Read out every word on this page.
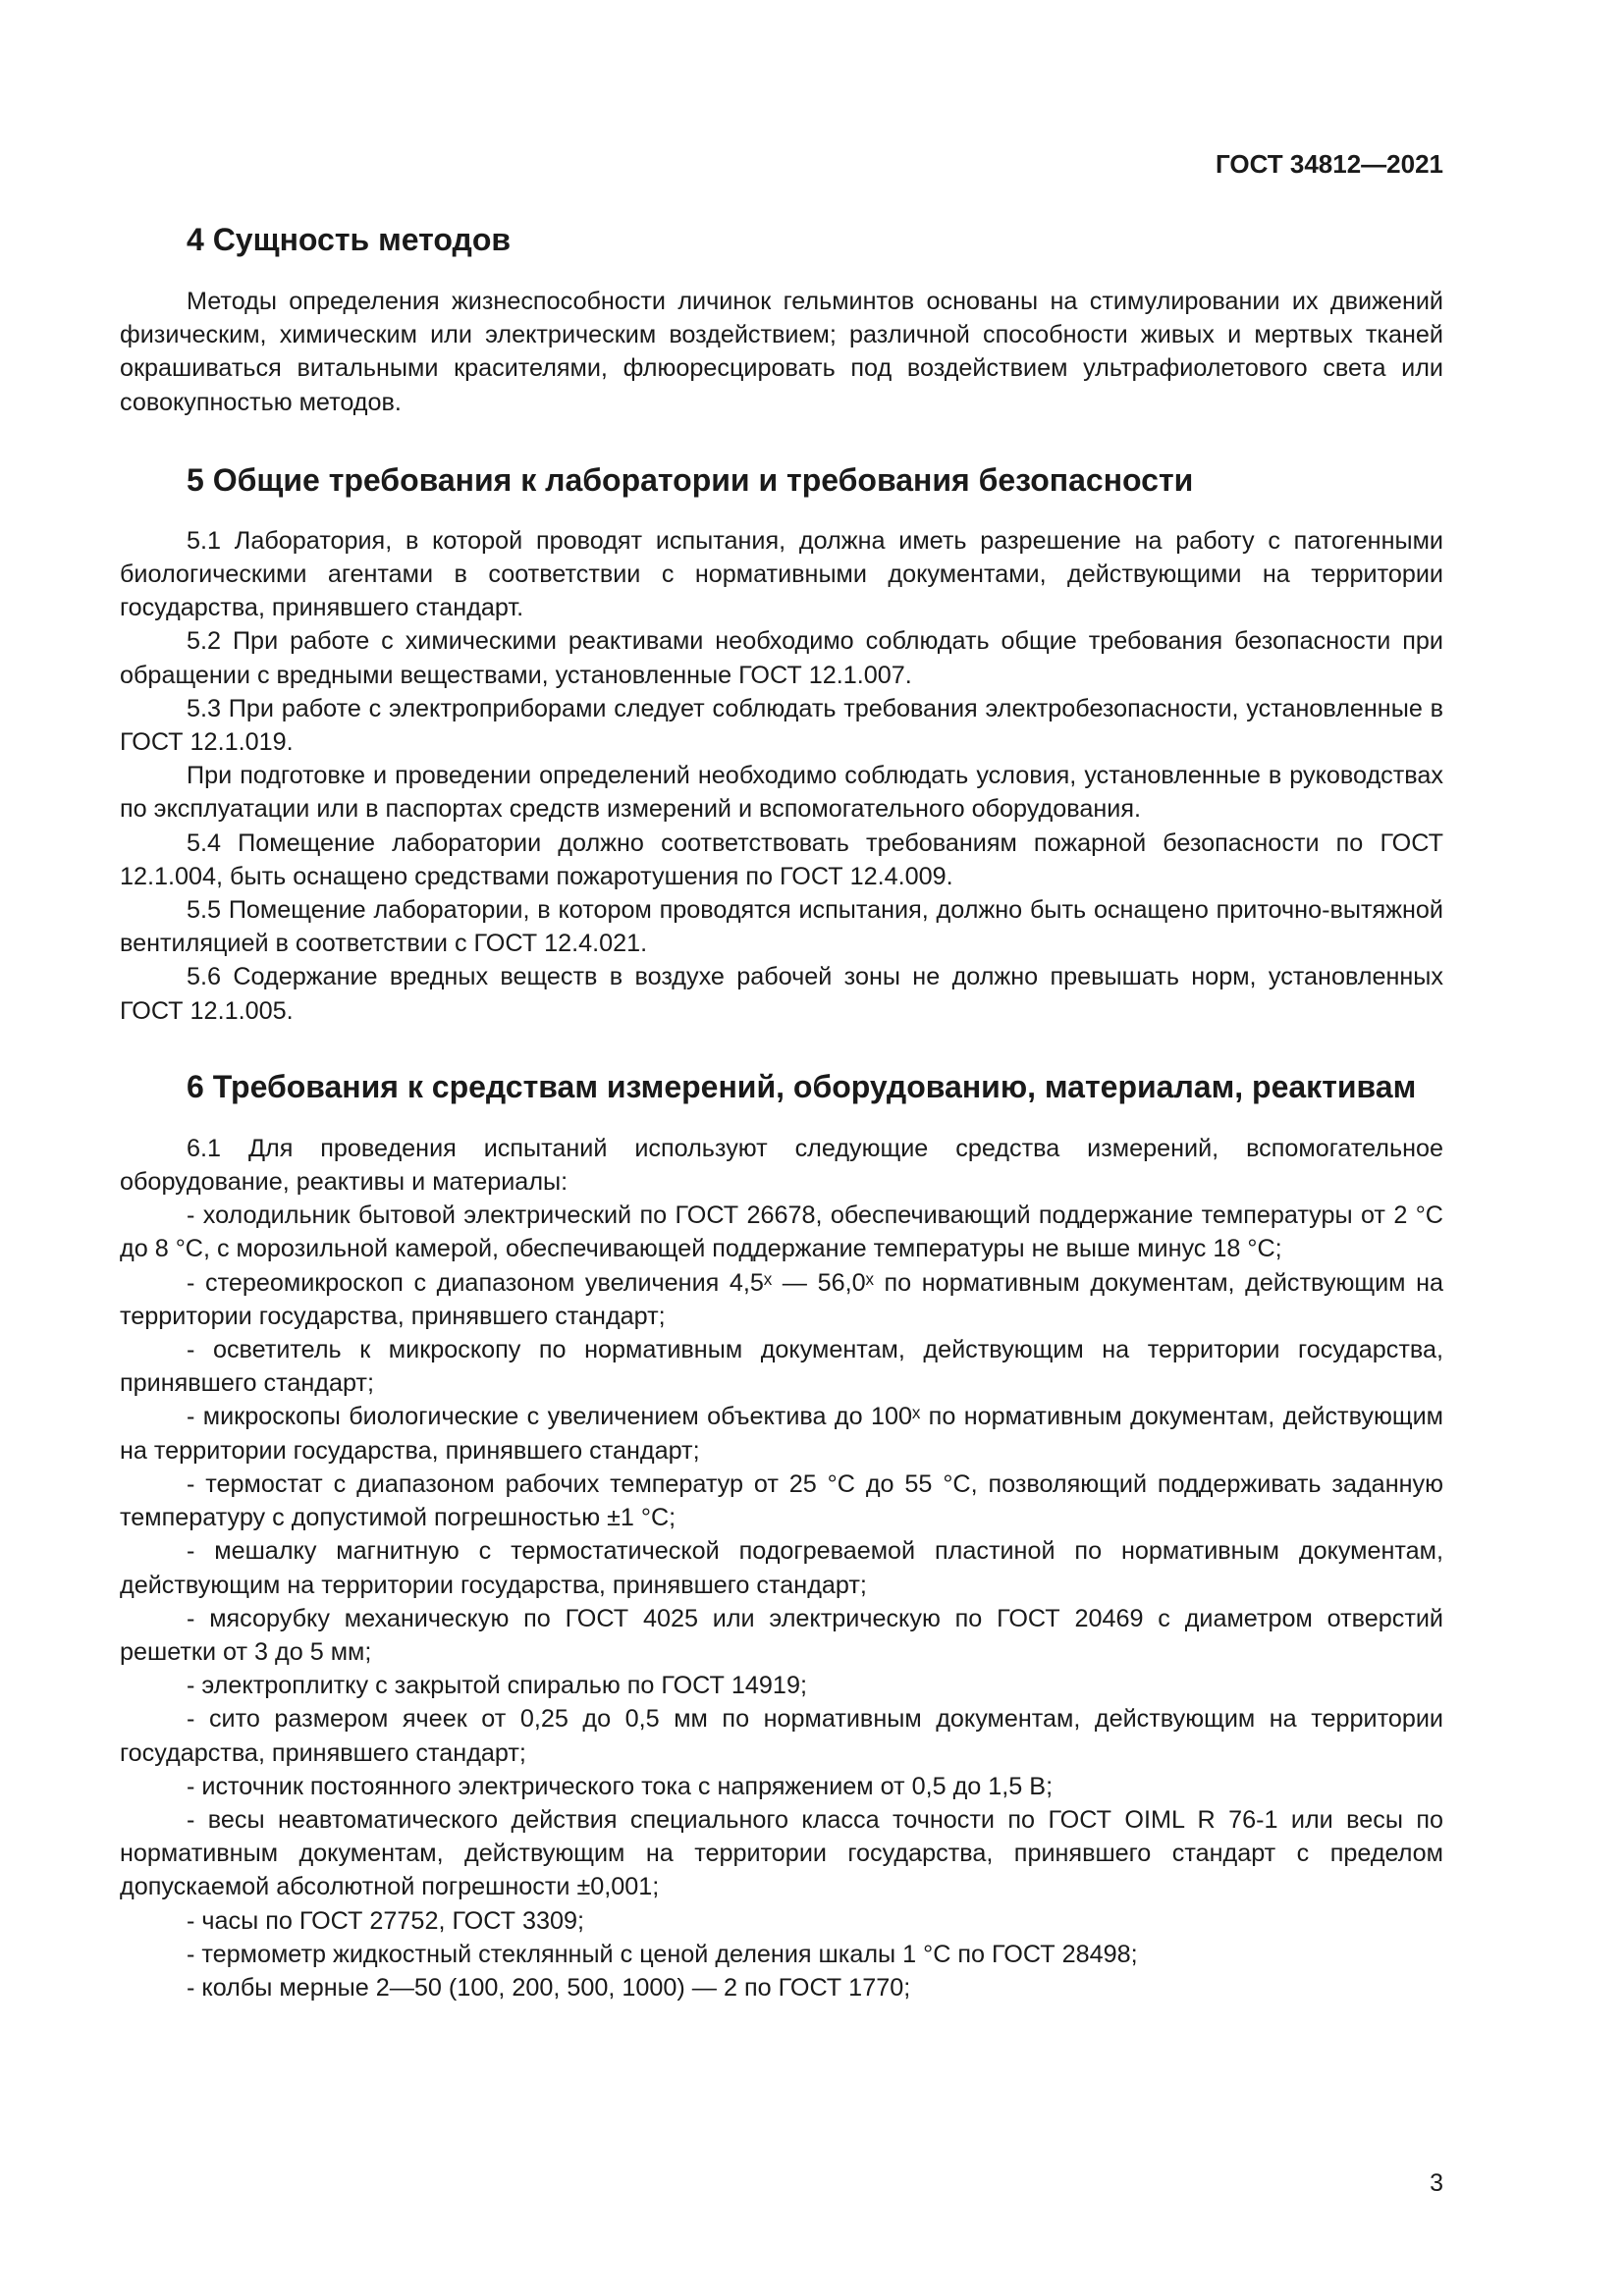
ГОСТ 34812—2021

4 Сущность методов

Методы определения жизнеспособности личинок гельминтов основаны на стимулировании их движений физическим, химическим или электрическим воздействием; различной способности живых и мертвых тканей окрашиваться витальными красителями, флюоресцировать под воздействием ультрафиолетового света или совокупностью методов.

5 Общие требования к лаборатории и требования безопасности

5.1 Лаборатория, в которой проводят испытания, должна иметь разрешение на работу с патогенными биологическими агентами в соответствии с нормативными документами, действующими на территории государства, принявшего стандарт.

5.2 При работе с химическими реактивами необходимо соблюдать общие требования безопасности при обращении с вредными веществами, установленные ГОСТ 12.1.007.

5.3 При работе с электроприборами следует соблюдать требования электробезопасности, установленные в ГОСТ 12.1.019.

При подготовке и проведении определений необходимо соблюдать условия, установленные в руководствах по эксплуатации или в паспортах средств измерений и вспомогательного оборудования.

5.4 Помещение лаборатории должно соответствовать требованиям пожарной безопасности по ГОСТ 12.1.004, быть оснащено средствами пожаротушения по ГОСТ 12.4.009.

5.5 Помещение лаборатории, в котором проводятся испытания, должно быть оснащено приточно-вытяжной вентиляцией в соответствии с ГОСТ 12.4.021.

5.6 Содержание вредных веществ в воздухе рабочей зоны не должно превышать норм, установленных ГОСТ 12.1.005.

6 Требования к средствам измерений, оборудованию, материалам, реактивам

6.1 Для проведения испытаний используют следующие средства измерений, вспомогательное оборудование, реактивы и материалы:

- холодильник бытовой электрический по ГОСТ 26678, обеспечивающий поддержание температуры от 2 °С до 8 °С, с морозильной камерой, обеспечивающей поддержание температуры не выше минус 18 °С;

- стереомикроскоп с диапазоном увеличения 4,5ˣ — 56,0ˣ по нормативным документам, действующим на территории государства, принявшего стандарт;

- осветитель к микроскопу по нормативным документам, действующим на территории государства, принявшего стандарт;

- микроскопы биологические с увеличением объектива до 100ˣ по нормативным документам, действующим на территории государства, принявшего стандарт;

- термостат с диапазоном рабочих температур от 25 °С до 55 °С, позволяющий поддерживать заданную температуру с допустимой погрешностью ±1 °С;

- мешалку магнитную с термостатической подогреваемой пластиной по нормативным документам, действующим на территории государства, принявшего стандарт;

- мясорубку механическую по ГОСТ 4025 или электрическую по ГОСТ 20469 с диаметром отверстий решетки от 3 до 5 мм;

- электроплитку с закрытой спиралью по ГОСТ 14919;

- сито размером ячеек от 0,25 до 0,5 мм по нормативным документам, действующим на территории государства, принявшего стандарт;

- источник постоянного электрического тока с напряжением от 0,5 до 1,5 В;

- весы неавтоматического действия специального класса точности по ГОСТ OIML R 76-1 или весы по нормативным документам, действующим на территории государства, принявшего стандарт с пределом допускаемой абсолютной погрешности ±0,001;

- часы по ГОСТ 27752, ГОСТ 3309;

- термометр жидкостный стеклянный с ценой деления шкалы 1 °С по ГОСТ 28498;

- колбы мерные 2—50 (100, 200, 500, 1000) — 2 по ГОСТ 1770;

3
